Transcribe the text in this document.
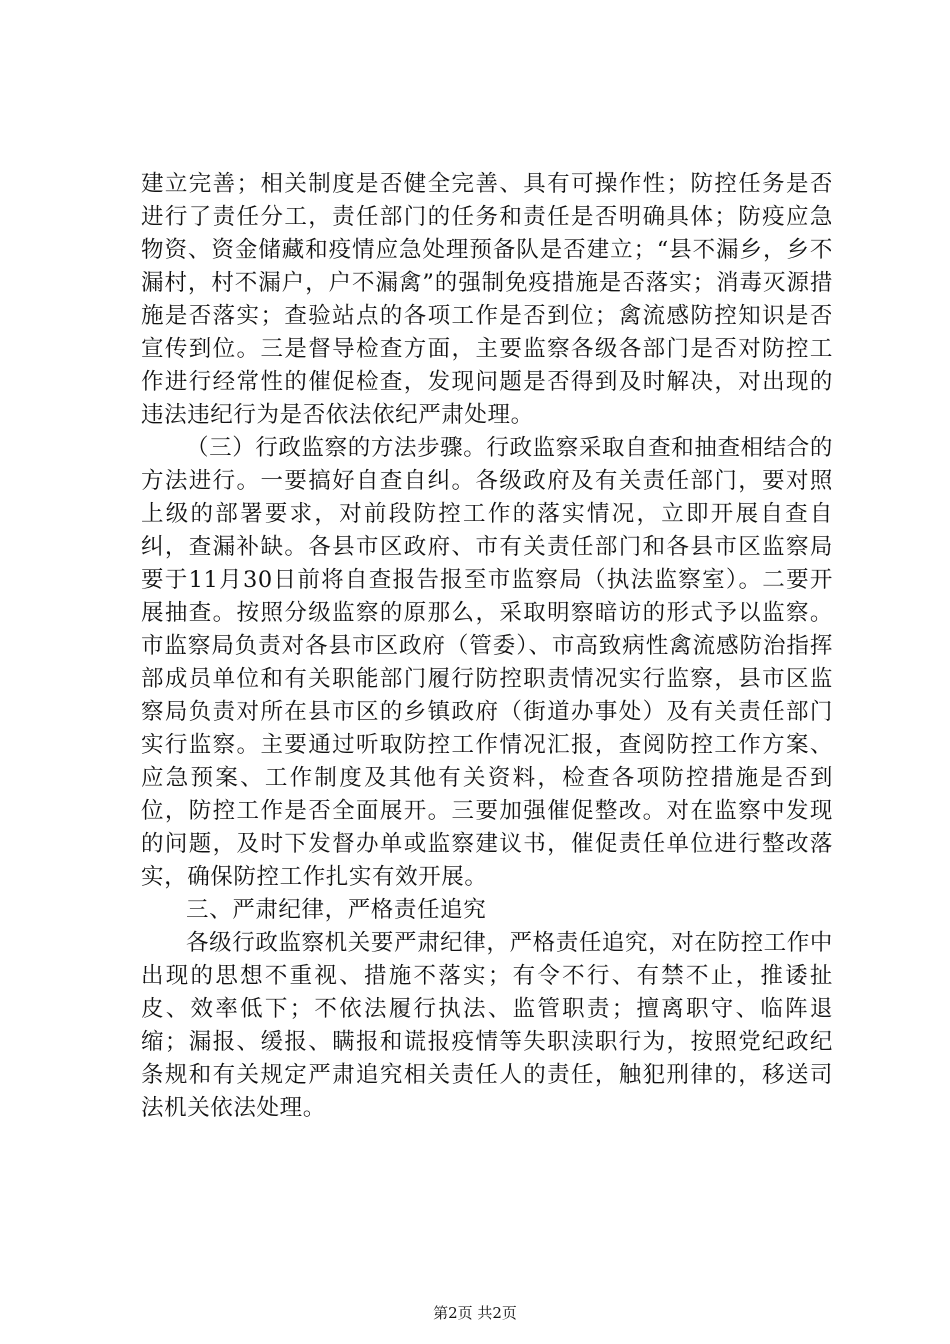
建立完善；相关制度是否健全完善、具有可操作性；防控任务是否进行了责任分工，责任部门的任务和责任是否明确具体；防疫应急物资、资金储藏和疫情应急处理预备队是否建立；“县不漏乡，乡不漏村，村不漏户，户不漏禽”的强制免疫措施是否落实；消毒灭源措施是否落实；查验站点的各项工作是否到位；禽流感防控知识是否宣传到位。三是督导检查方面，主要监察各级各部门是否对防控工作进行经常性的催促检查，发现问题是否得到及时解决，对出现的违法违纪行为是否依法依纪严肃处理。

（三）行政监察的方法步骤。行政监察采取自查和抽查相结合的方法进行。一要搞好自查自纠。各级政府及有关责任部门，要对照上级的部署要求，对前段防控工作的落实情况，立即开展自查自纠，查漏补缺。各县市区政府、市有关责任部门和各县市区监察局要于11月30日前将自查报告报至市监察局（执法监察室）。二要开展抽查。按照分级监察的原那么，采取明察暗访的形式予以监察。市监察局负责对各县市区政府（管委）、市高致病性禽流感防治指挥部成员单位和有关职能部门履行防控职责情况实行监察，县市区监察局负责对所在县市区的乡镇政府（街道办事处）及有关责任部门实行监察。主要通过听取防控工作情况汇报，查阅防控工作方案、应急预案、工作制度及其他有关资料，检查各项防控措施是否到位，防控工作是否全面展开。三要加强催促整改。对在监察中发现的问题，及时下发督办单或监察建议书，催促责任单位进行整改落实，确保防控工作扎实有效开展。

三、严肃纪律，严格责任追究

各级行政监察机关要严肃纪律，严格责任追究，对在防控工作中出现的思想不重视、措施不落实；有令不行、有禁不止，推诿扯皮、效率低下；不依法履行执法、监管职责；擅离职守、临阵退缩；漏报、缓报、瞒报和谎报疫情等失职渎职行为，按照党纪政纪条规和有关规定严肃追究相关责任人的责任，触犯刑律的，移送司法机关依法处理。

第2页 共2页
